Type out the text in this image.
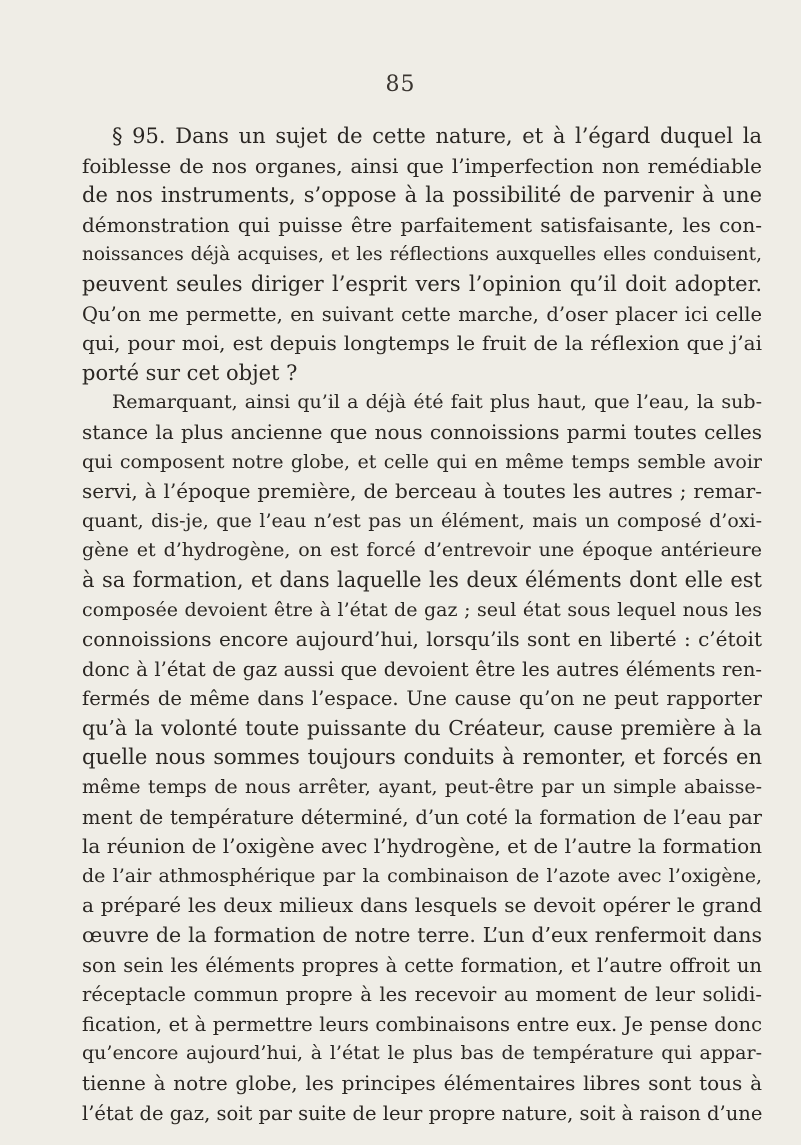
85
§ 95. Dans un sujet de cette nature, et à l’égard duquel la
foiblesse de nos organes, ainsi que l’imperfection non remédiable
de nos instruments, s’oppose à la possibilité de parvenir à une
démonstration qui puisse être parfaitement satisfaisante, les con-
noissances déjà acquises, et les réflections auxquelles elles conduisent,
peuvent seules diriger l’esprit vers l’opinion qu’il doit adopter.
Qu’on me permette, en suivant cette marche, d’oser placer ici celle
qui, pour moi, est depuis longtemps le fruit de la réflexion que j’ai
porté sur cet objet ?
Remarquant, ainsi qu’il a déjà été fait plus haut, que l’eau, la sub-
stance la plus ancienne que nous connoissions parmi toutes celles
qui composent notre globe, et celle qui en même temps semble avoir
servi, à l’époque première, de berceau à toutes les autres ; remar-
quant, dis-je, que l’eau n’est pas un élément, mais un composé d’oxi-
gène et d’hydrogène, on est forcé d’entrevoir une époque antérieure
à sa formation, et dans laquelle les deux éléments dont elle est
composée devoient être à l’état de gaz ; seul état sous lequel nous les
connoissions encore aujourd’hui, lorsqu’ils sont en liberté : c’étoit
donc à l’état de gaz aussi que devoient être les autres éléments ren-
fermés de même dans l’espace. Une cause qu’on ne peut rapporter
qu’à la volonté toute puissante du Créateur, cause première à la
quelle nous sommes toujours conduits à remonter, et forcés en
même temps de nous arrêter, ayant, peut-être par un simple abaisse-
ment de température déterminé, d’un coté la formation de l’eau par
la réunion de l’oxigène avec l’hydrogène, et de l’autre la formation
de l’air athmosphérique par la combinaison de l’azote avec l’oxigène,
a préparé les deux milieux dans lesquels se devoit opérer le grand
œuvre de la formation de notre terre. L’un d’eux renfermoit dans
son sein les éléments propres à cette formation, et l’autre offroit un
réceptacle commun propre à les recevoir au moment de leur solidi-
fication, et à permettre leurs combinaisons entre eux. Je pense donc
qu’encore aujourd’hui, à l’état le plus bas de température qui appar-
tienne à notre globe, les principes élémentaires libres sont tous à
l’état de gaz, soit par suite de leur propre nature, soit à raison d’une
